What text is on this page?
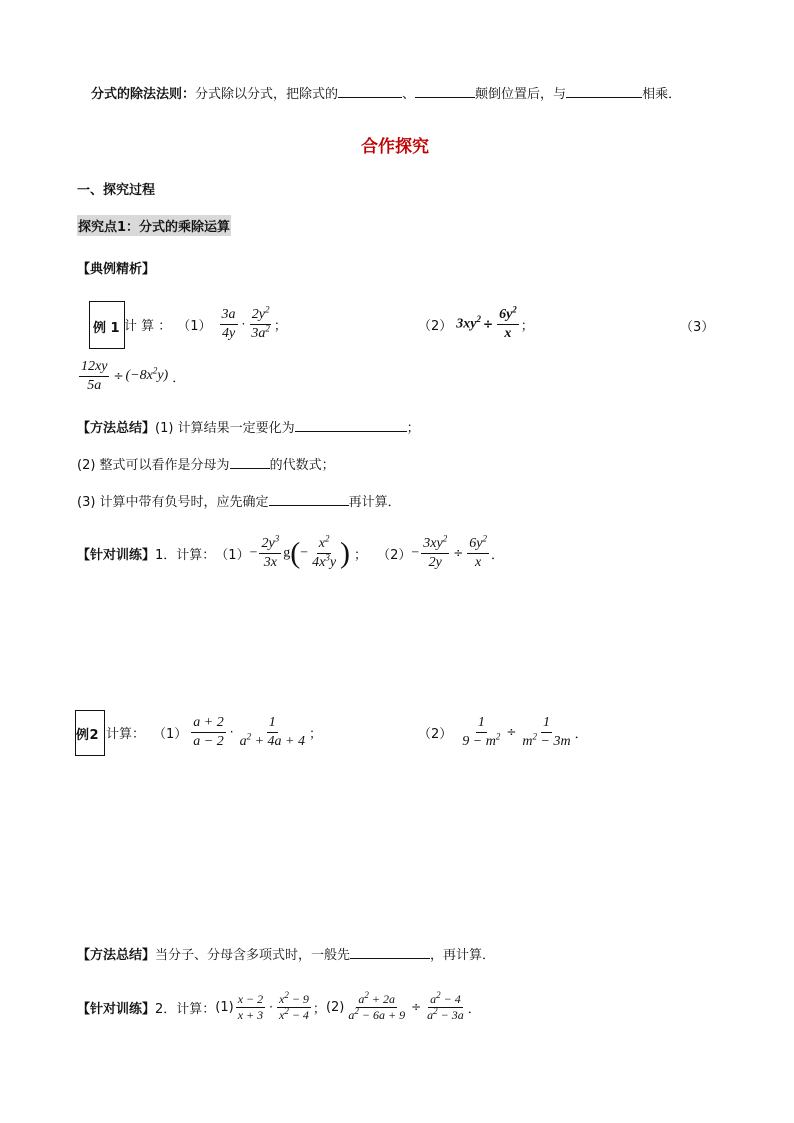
分式的除法法则：分式除以分式，把除式的	、	颠倒位置后，与	相乘．
合作探究
一、探究过程
探究点1：分式的乘除运算
【典例精析】
例 1 计 算 ： $(1) \frac{3a}{4y} \cdot \frac{2y^2}{3a^2}$ ；	（2） $3xy^2 \div \frac{6y^2}{x}$ ；	（3）
$\frac{12xy}{5a} \div (-8x^2y)$ ．
【方法总结】(1) 计算结果一定要化为	；
(2) 整式可以看作是分母为	的代数式；
(3) 计算中带有负号时，应先确定	再计算．
【针对训练】 1．计算： $(1) - \frac{2y^3}{3x} g(- \frac{x^2}{4x^3y}$ ) ； $(2) - \frac{3xy^2}{2y} \div \frac{6y^2}{x}$ ．
例 2 计算： $(1) \frac{a + 2}{a - 2} \cdot \frac{1}{a^2 + 4a + 4}$ ；	$(2) \frac{1}{9 - m^2} \div \frac{1}{m^2 - 3m}$ ．
【方法总结】当分子、分母含多项式时，一般先	，再计算．
【针对训练】 2．计算： $(1) \frac{x - 2}{x + 3} \cdot \frac{x^2 - 9}{x^2 - 4}$ ； $(2) \frac{a^2 + 2a}{a^2 - 6a + 9} \div \frac{a^2 - 4}{a^2 - 3a}$ ．
